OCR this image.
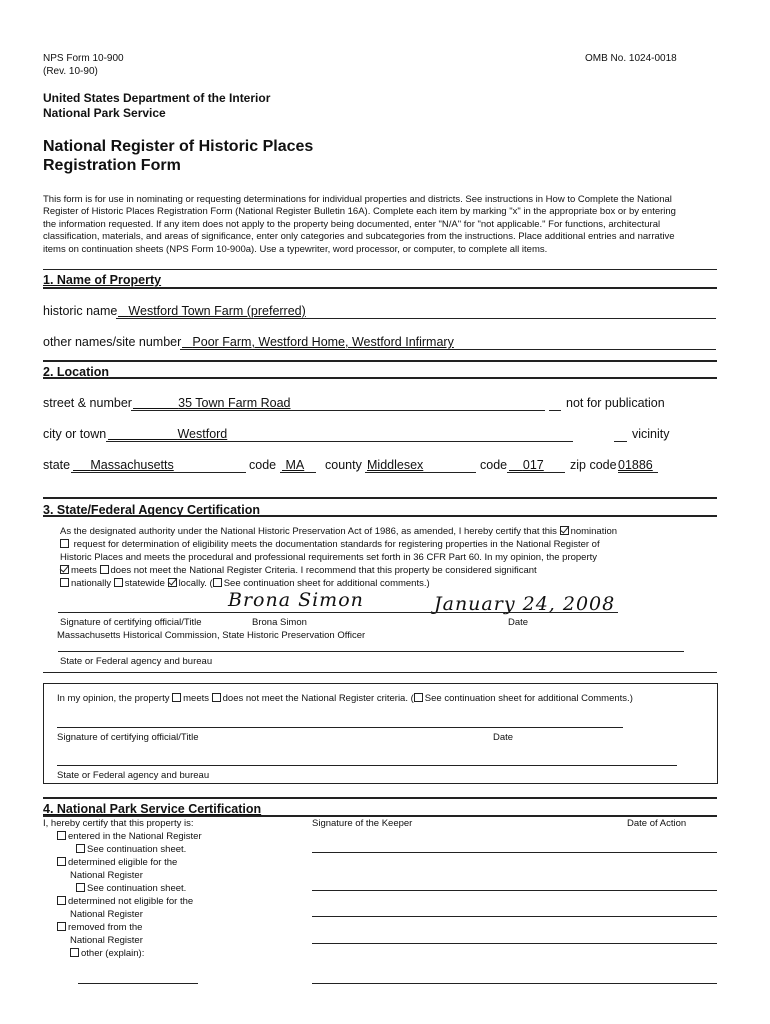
NPS Form 10-900
(Rev. 10-90)
OMB No. 1024-0018
United States Department of the Interior
National Park Service
National Register of Historic Places
Registration Form

This form is for use in nominating or requesting determinations for individual properties and districts. See instructions in How to Complete the National

Register of Historic Places Registration Form (National Register Bulletin 16A). Complete each item by marking "x" in the appropriate box or by entering

the information requested. If any item does not apply to the property being documented, enter "N/A" for "not applicable." For functions, architectural

classification, materials, and areas of significance, enter only categories and subcategories from the instructions. Place additional entries and narrative

items on continuation sheets (NPS Form 10-900a). Use a typewriter, word processor, or computer, to complete all items.

1. Name of Property
historic name Westford Town Farm (preferred)
other names/site number Poor Farm, Westford Home, Westford Infirmary
2. Location
street & number	35 Town Farm Road	not for publication
city or town	Westford	vicinity
state	Massachusetts	code MA	county Middlesex	code	017	zip code 01886
3. State/Federal Agency Certification
As the designated authority under the National Historic Preservation Act of 1986, as amended, I hereby certify that this nomination
request for determination of eligibility meets the documentation standards for registering properties in the National Register of
Historic Places and meets the procedural and professional requirements set forth in 36 CFR Part 60. In my opinion, the property
meets does not meet the National Register Criteria. I recommend that this property be considered significant
nationally statewide locally. ( See continuation sheet for additional comments.)
Brona Simon	January 24, 2008
Signature of certifying official/Title	Brona Simon	Date
Massachusetts Historical Commission, State Historic Preservation Officer
State or Federal agency and bureau
In my opinion, the property meets does not meet the National Register criteria. ( See continuation sheet for additional Comments.)
Signature of certifying official/Title	Date
State or Federal agency and bureau
4. National Park Service Certification
I, hereby certify that this property is:	Signature of the Keeper	Date of Action
entered in the National Register
See continuation sheet.
determined eligible for the
National Register
See continuation sheet.
determined not eligible for the
National Register
removed from the
National Register
other (explain):
